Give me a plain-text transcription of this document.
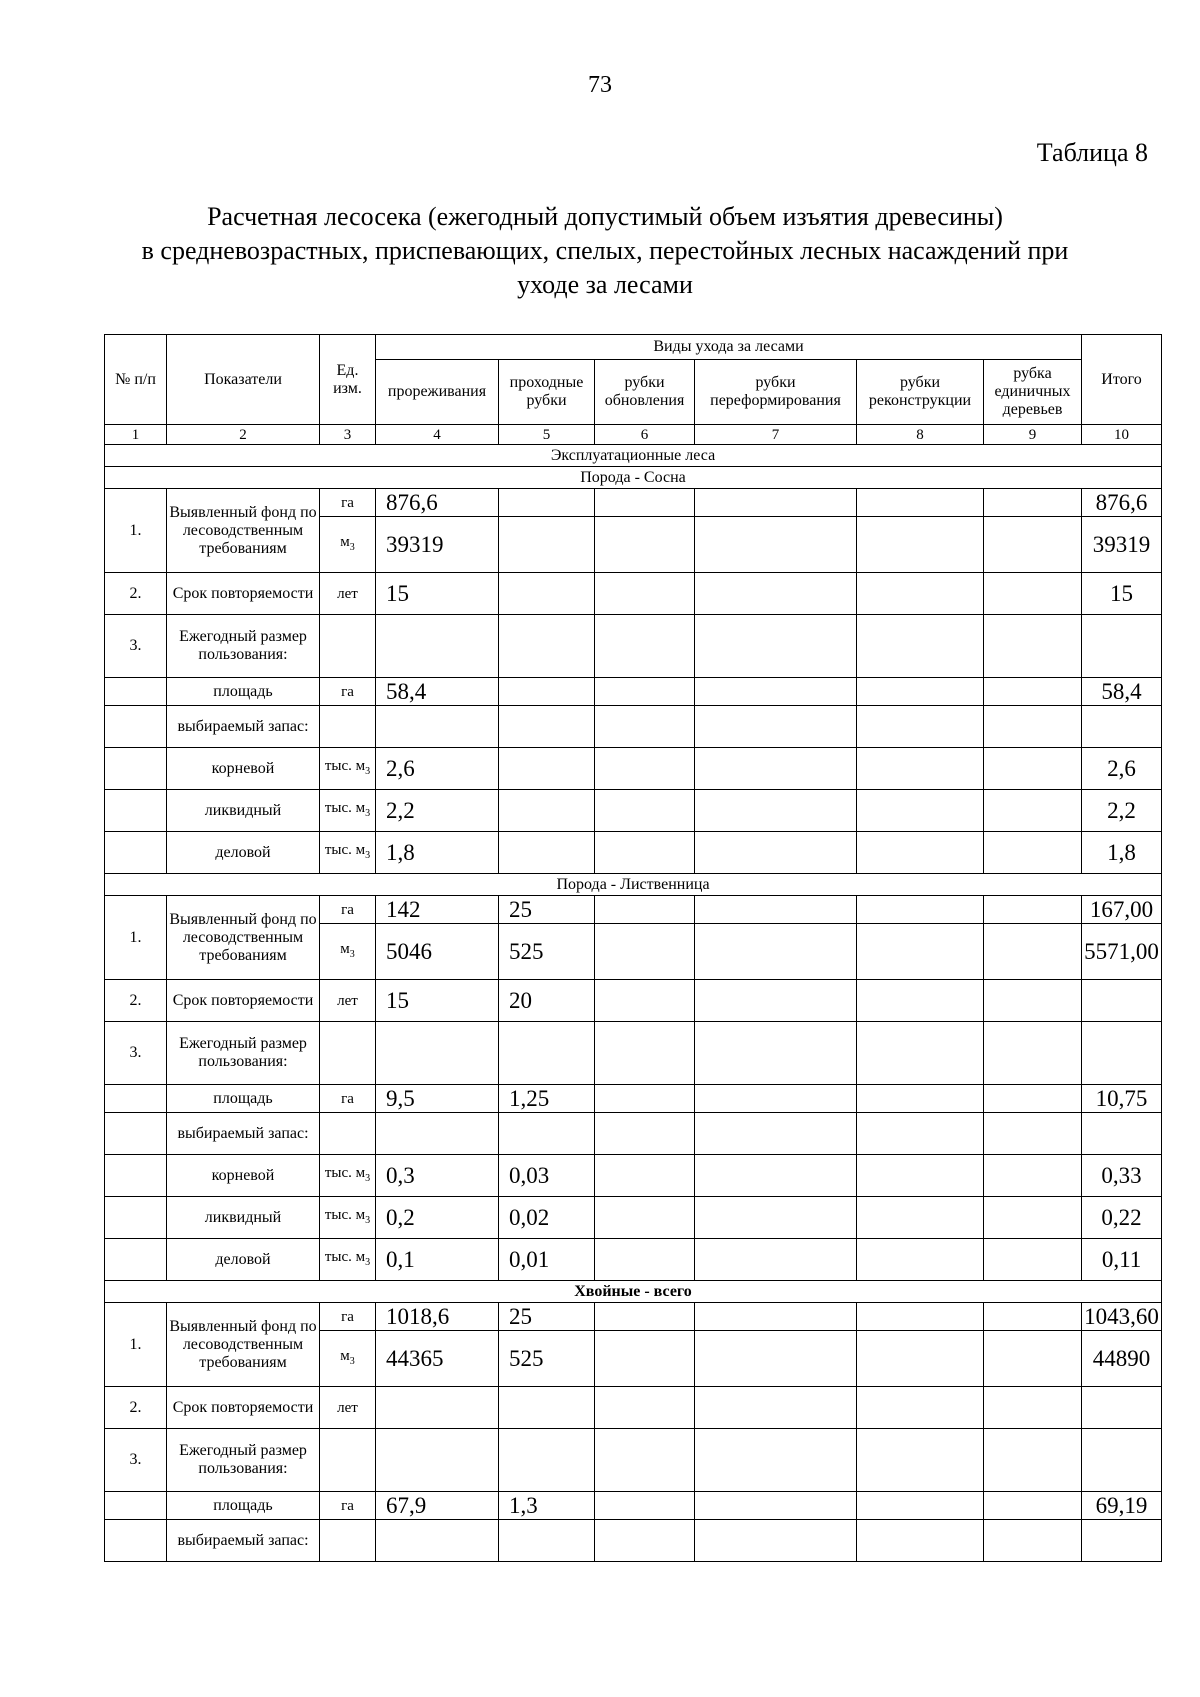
73
Таблица 8
Расчетная лесосека (ежегодный допустимый объем изъятия древесины)
в средневозрастных, приспевающих, спелых, перестойных лесных насаждений при
уходе за лесами
№ п/п	Показатели	Ед. изм.	Виды ухода за лесами						Итого
			прореживания	проходные рубки	рубки обновления	рубки переформирования	рубки реконструкции	рубка единичных деревьев	
1	2	3	4	5	6	7	8	9	10
Эксплуатационные леса									
Порода - Сосна									
1.	Выявленный фонд по лесоводственным требованиям	га	876,6						876,6
		$м_3$	39319						39319
2.	Срок повторяемости	лет	15						15
3.	Ежегодный размер пользования:								
	площадь	га	58,4						58,4
	выбираемый запас:								
	корневой	тыс. $м_3$	2,6						2,6
	ликвидный	тыс. $м_3$	2,2						2,2
	деловой	тыс. $м_3$	1,8						1,8
Порода - Лиственница									
1.	Выявленный фонд по лесоводственным требованиям	га	142	25					167,00
		$м_3$	5046	525					5571,00
2.	Срок повторяемости	лет	15	20					
3.	Ежегодный размер пользования:								
	площадь	га	9,5	1,25					10,75
	выбираемый запас:								
	корневой	тыс. $м_3$	0,3	0,03					0,33
	ликвидный	тыс. $м_3$	0,2	0,02					0,22
	деловой	тыс. $м_3$	0,1	0,01					0,11
Хвойные - всего									
1.	Выявленный фонд по лесоводственным требованиям	га	1018,6	25					1043,60
		$м_3$	44365	525					44890
2.	Срок повторяемости	лет							
3.	Ежегодный размер пользования:								
	площадь	га	67,9	1,3					69,19
	выбираемый запас:								
